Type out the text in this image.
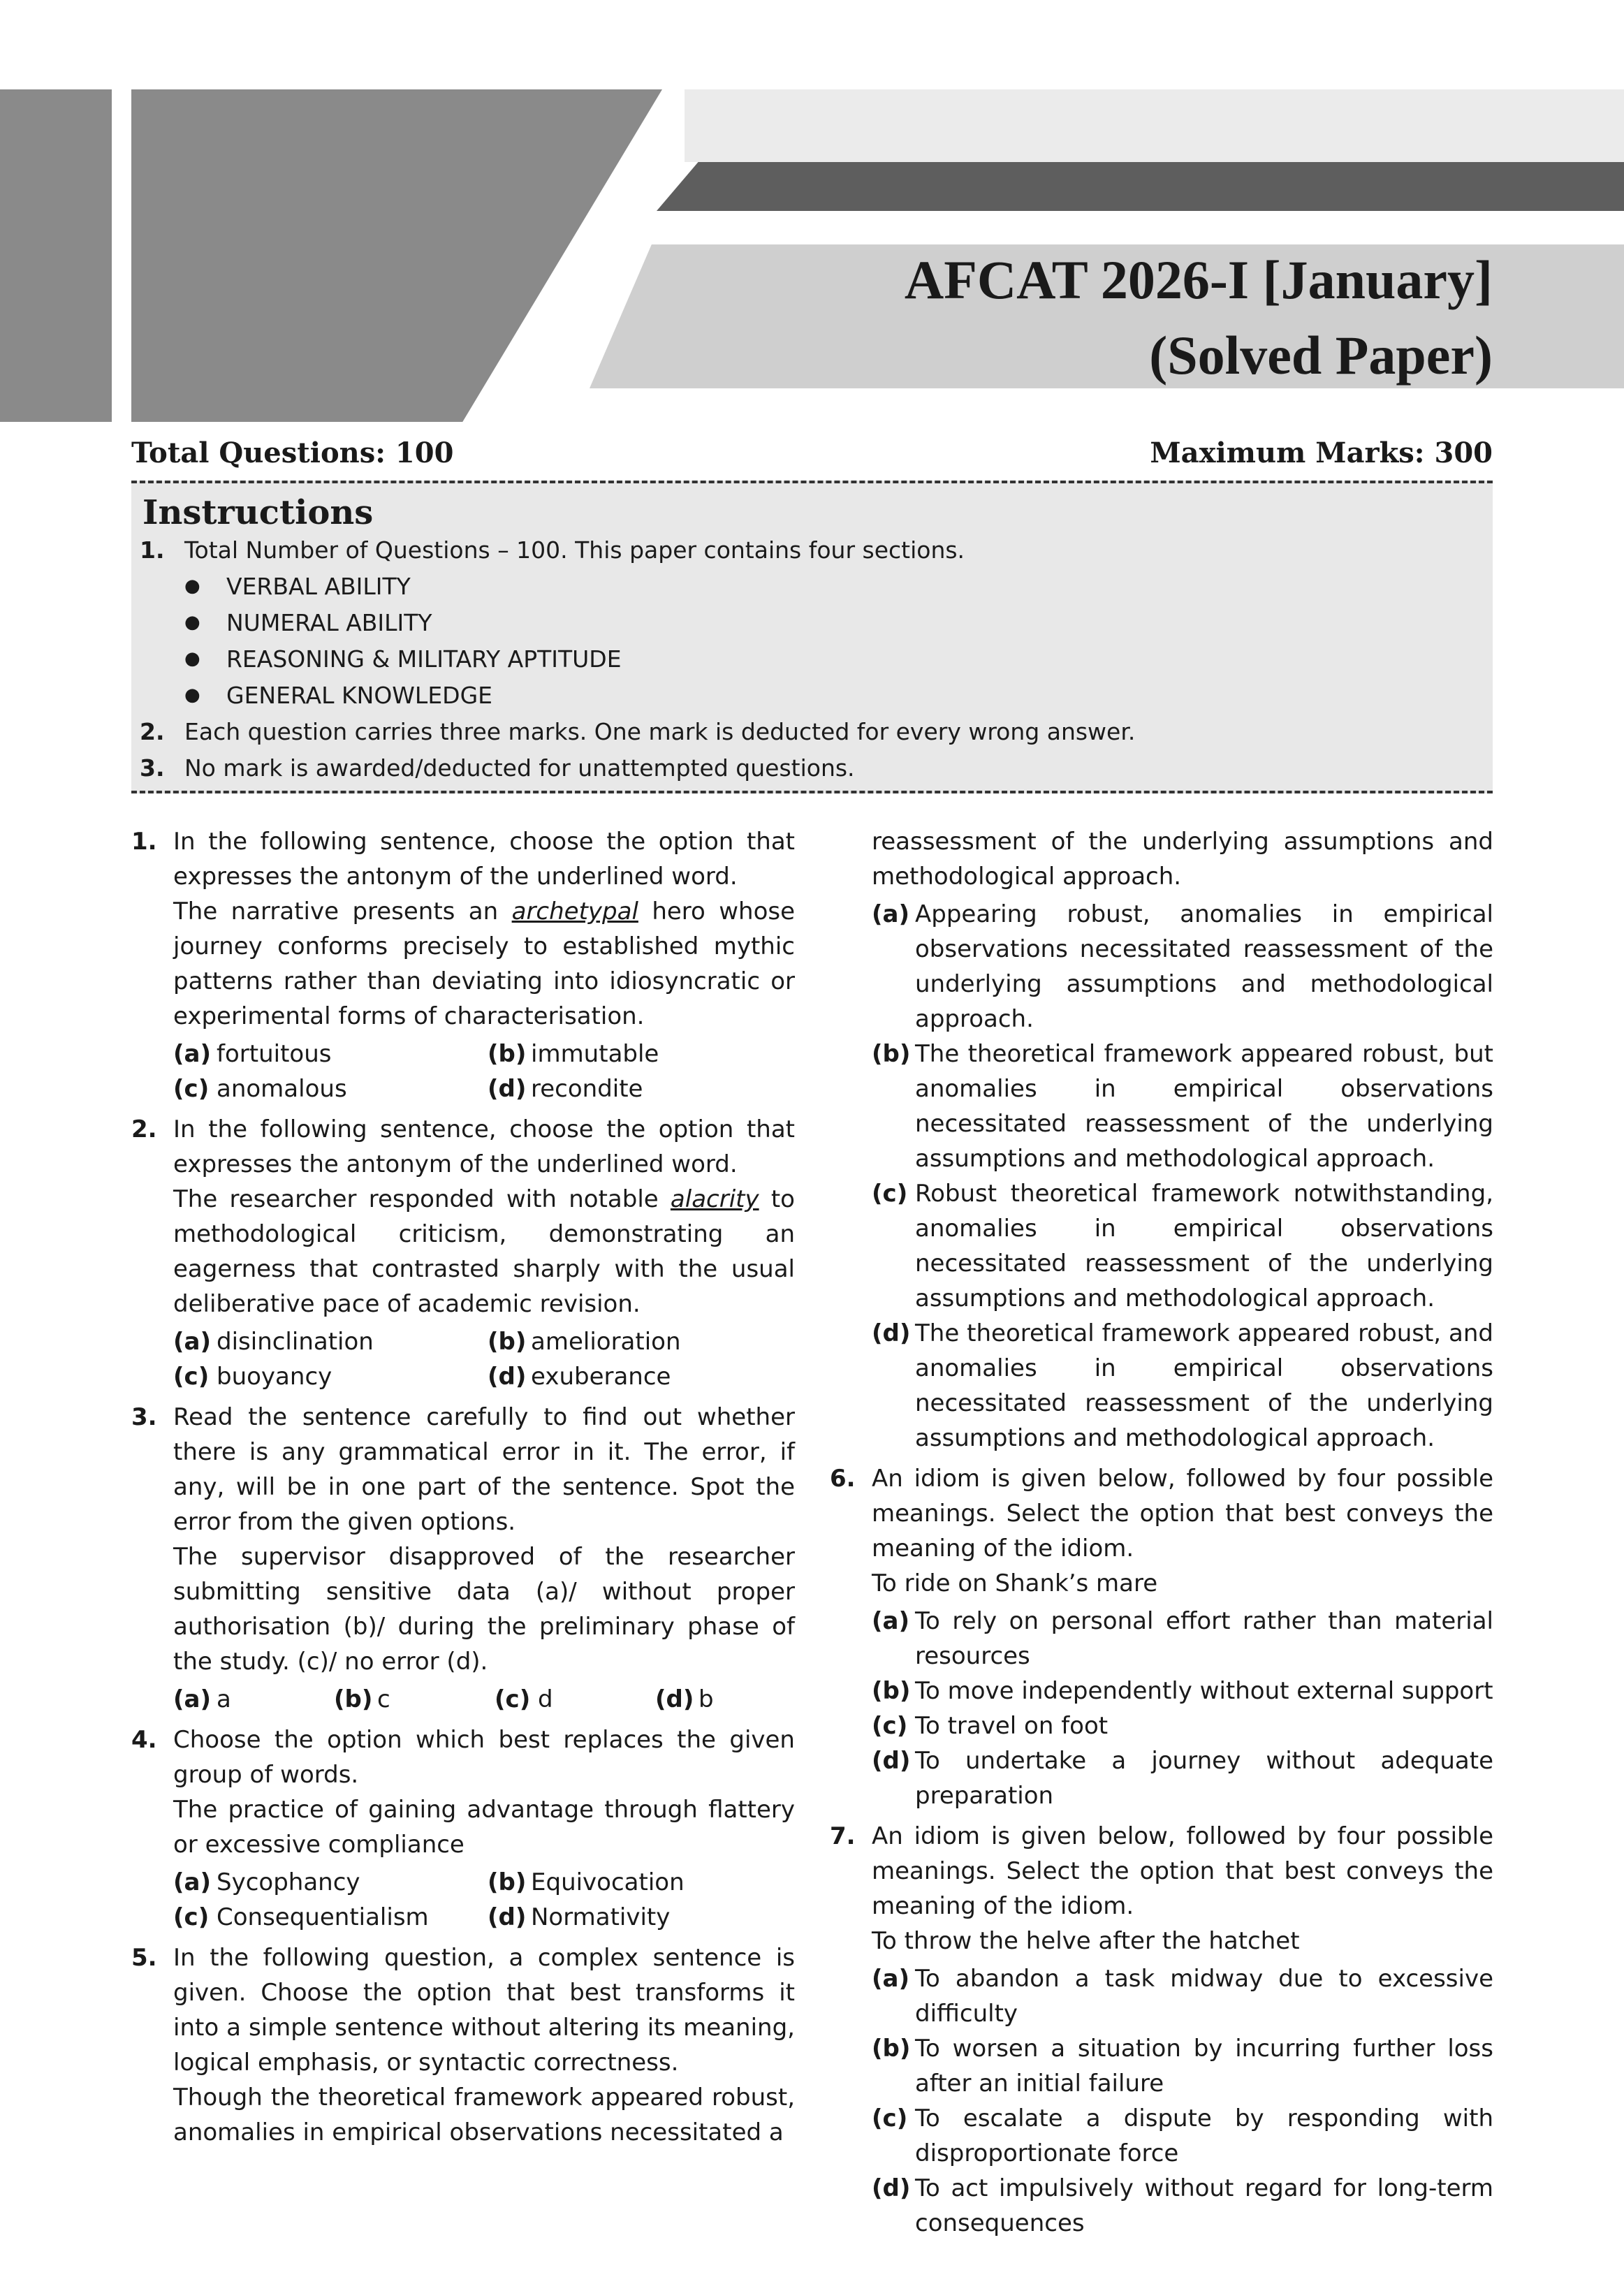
AFCAT 2026-I [January]
(Solved Paper)
Total Questions: 100	Maximum Marks: 300
Instructions
1. Total Number of Questions – 100. This paper contains four sections.
● VERBAL ABILITY
● NUMERAL ABILITY
● REASONING & MILITARY APTITUDE
● GENERAL KNOWLEDGE
2. Each question carries three marks. One mark is deducted for every wrong answer.
3. No mark is awarded/deducted for unattempted questions.
1. In the following sentence, choose the option that expresses the antonym of the underlined word.

The narrative presents an archetypal hero whose journey conforms precisely to established mythic patterns rather than deviating into idiosyncratic or experimental forms of characterisation.

(a) fortuitous	(b) immutable
(c) anomalous	(d) recondite
2. In the following sentence, choose the option that expresses the antonym of the underlined word.

The researcher responded with notable alacrity to methodological criticism, demonstrating an eagerness that contrasted sharply with the usual deliberative pace of academic revision.

(a) disinclination	(b) amelioration
(c) buoyancy	(d) exuberance
3. Read the sentence carefully to find out whether there is any grammatical error in it. The error, if any, will be in one part of the sentence. Spot the error from the given options.

The supervisor disapproved of the researcher submitting sensitive data (a)/ without proper authorisation (b)/ during the preliminary phase of the study. (c)/ no error (d).

(a) a	(b) c	(c) d	(d) b
4. Choose the option which best replaces the given group of words.

The practice of gaining advantage through flattery or excessive compliance

(a) Sycophancy	(b) Equivocation
(c) Consequentialism	(d) Normativity
5. In the following question, a complex sentence is given. Choose the option that best transforms it into a simple sentence without altering its meaning, logical emphasis, or syntactic correctness.

Though the theoretical framework appeared robust, anomalies in empirical observations necessitated a

reassessment of the underlying assumptions and methodological approach.

(a) Appearing robust, anomalies in empirical observations necessitated reassessment of the underlying assumptions and methodological approach.
(b) The theoretical framework appeared robust, but anomalies in empirical observations necessitated reassessment of the underlying assumptions and methodological approach.
(c) Robust theoretical framework notwithstanding, anomalies in empirical observations necessitated reassessment of the underlying assumptions and methodological approach.
(d) The theoretical framework appeared robust, and anomalies in empirical observations necessitated reassessment of the underlying assumptions and methodological approach.
6. An idiom is given below, followed by four possible meanings. Select the option that best conveys the meaning of the idiom.

To ride on Shank’s mare

(a) To rely on personal effort rather than material resources
(b) To move independently without external support
(c) To travel on foot
(d) To undertake a journey without adequate preparation
7. An idiom is given below, followed by four possible meanings. Select the option that best conveys the meaning of the idiom.

To throw the helve after the hatchet

(a) To abandon a task midway due to excessive difficulty
(b) To worsen a situation by incurring further loss after an initial failure
(c) To escalate a dispute by responding with disproportionate force
(d) To act impulsively without regard for long-term consequences
